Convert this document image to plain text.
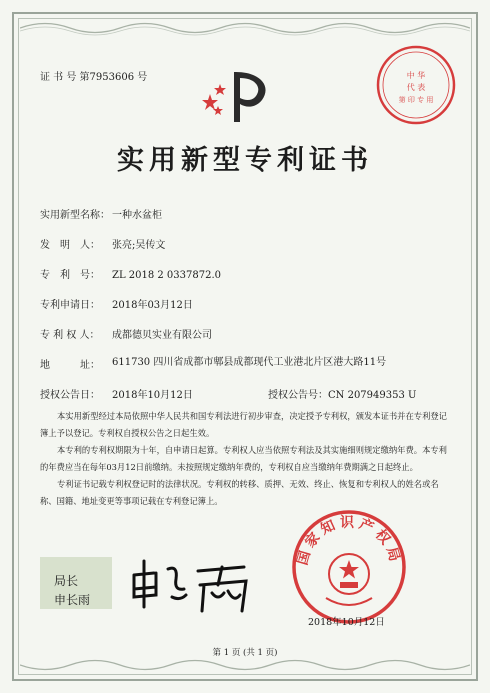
证 书 号 第7953606 号	中 华
代 表
第 印 专 用
实用新型专利证书
实用新型名称： 一种水盆柜
发　明　人： 张亮;吴传文
专　利　号： ZL 2018 2 0337872.0
专利申请日： 2018年03月12日
专 利 权 人： 成都德贝实业有限公司
地　　　址： 611730 四川省成都市郫县成都现代工业港北片区港大路11号
授权公告日： 2018年10月12日	授权公告号：CN 207949353 U

本实用新型经过本局依照中华人民共和国专利法进行初步审查，决定授予专利权，颁发本证书并在专利登记簿上予以登记。专利权自授权公告之日起生效。

本专利的专利权期限为十年，自申请日起算。专利权人应当依照专利法及其实施细则规定缴纳年费。本专利的年费应当在每年03月12日前缴纳。未按照规定缴纳年费的，专利权自应当缴纳年费期满之日起终止。

专利证书记载专利权登记时的法律状况。专利权的转移、质押、无效、终止、恢复和专利权人的姓名或名称、国籍、地址变更等事项记载在专利登记簿上。

局长
申长雨
国家知识产权局
2018年10月12日
第 1 页 (共 1 页)
